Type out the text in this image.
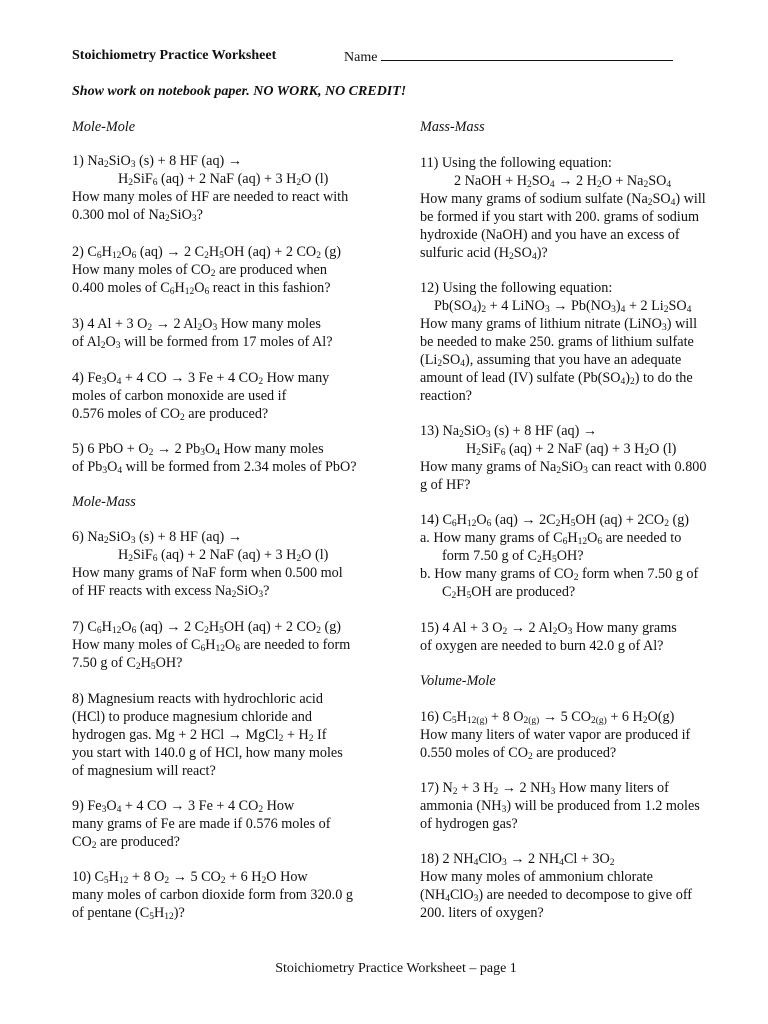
Stoichiometry Practice Worksheet	Name
Show work on notebook paper. NO WORK, NO CREDIT!
Mole-Mole
1) $Na_2SiO_3$ (s) + 8 HF (aq) →
$H_2SiF_6$ (aq) + 2 NaF (aq) + 3 $H_2O$ (l)
How many moles of HF are needed to react with
0.300 mol of $Na_2SiO_3$?
2) $C_6H_{12}O_6$ (aq) → 2 $C_2H_5OH$ (aq) + 2 $CO_2$ (g)
How many moles of $CO_2$ are produced when
0.400 moles of $C_6H_{12}O_6$ react in this fashion?
3) 4 Al + 3 $O_2 \to 2$ $Al_2O_3$ How many moles
of $Al_2O_3$ will be formed from 17 moles of Al?
4) $Fe_3O_4 + 4$ CO → 3 Fe + 4 $CO_2$ How many
moles of carbon monoxide are used if
0.576 moles of $CO_2$ are produced?
5) 6 PbO + $O_2 \to 2$ $Pb_3O_4$ How many moles
of $Pb_3O_4$ will be formed from 2.34 moles of PbO?
Mole-Mass
6) $Na_2SiO_3$ (s) + 8 HF (aq) →
$H_2SiF_6$ (aq) + 2 NaF (aq) + 3 $H_2O$ (l)
How many grams of NaF form when 0.500 mol
of HF reacts with excess $Na_2SiO_3$?
7) $C_6H_{12}O_6$ (aq) → 2 $C_2H_5OH$ (aq) + 2 $CO_2$ (g)
How many moles of $C_6H_{12}O_6$ are needed to form
7.50 g of $C_2H_5OH$?
8) Magnesium reacts with hydrochloric acid
(HCl) to produce magnesium chloride and
hydrogen gas. Mg + 2 HCl → MgCl$_2$ + $H_2$ If
you start with 140.0 g of HCl, how many moles
of magnesium will react?
9) $Fe_3O_4 + 4$ CO → 3 Fe + 4 $CO_2$ How
many grams of Fe are made if 0.576 moles of
$CO_2$ are produced?
10) $C_5H_{12} + 8$ $O_2 \to 5$ $CO_2 + 6$ $H_2O$ How
many moles of carbon dioxide form from 320.0 g
of pentane $(C_5H_{12})$?
Mass-Mass
11) Using the following equation:
2 NaOH + $H_2SO_4 \to 2$ $H_2O + Na_2SO_4$
How many grams of sodium sulfate $(Na_2SO_4)$ will
be formed if you start with 200. grams of sodium
hydroxide (NaOH) and you have an excess of
sulfuric acid $(H_2SO_4)$?
12) Using the following equation:
$Pb(SO_4)_2 + 4$ LiNO$_3$ → $Pb(NO_3)_4 + 2$ $Li_2SO_4$
How many grams of lithium nitrate (LiNO$_3$) will
be needed to make 250. grams of lithium sulfate
$(Li_2SO_4)$, assuming that you have an adequate
amount of lead (IV) sulfate $(Pb(SO_4)_2)$ to do the
reaction?
13) $Na_2SiO_3$ (s) + 8 HF (aq) →
$H_2SiF_6$ (aq) + 2 NaF (aq) + 3 $H_2O$ (l)
How many grams of $Na_2SiO_3$ can react with 0.800
g of HF?
14) $C_6H_{12}O_6$ $(aq) \to 2C_2H_5OH$ $(aq) + 2CO_2$ (g)
a. How many grams of $C_6H_{12}O_6$ are needed to
form 7.50 g of $C_2H_5OH$?
b. How many grams of $CO_2$ form when 7.50 g of
$C_2H_5OH$ are produced?
15) 4 Al + 3 $O_2 \to 2$ $Al_2O_3$ How many grams
of oxygen are needed to burn 42.0 g of Al?
Volume-Mole
16) $C_5H_{12(g)} + 8$ $O_{2(g)} \to 5$ $CO_{2(g)} + 6$ $H_2O(g)$
How many liters of water vapor are produced if
0.550 moles of $CO_2$ are produced?
17) $N_2 + 3$ $H_2 \to 2$ $NH_3$ How many liters of
ammonia $(NH_3)$ will be produced from 1.2 moles
of hydrogen gas?
18) 2 $NH_4ClO_3 \to 2$ $NH_4Cl + 3O_2$
How many moles of ammonium chlorate
$(NH_4ClO_3)$ are needed to decompose to give off
200. liters of oxygen?
Stoichiometry Practice Worksheet – page 1
